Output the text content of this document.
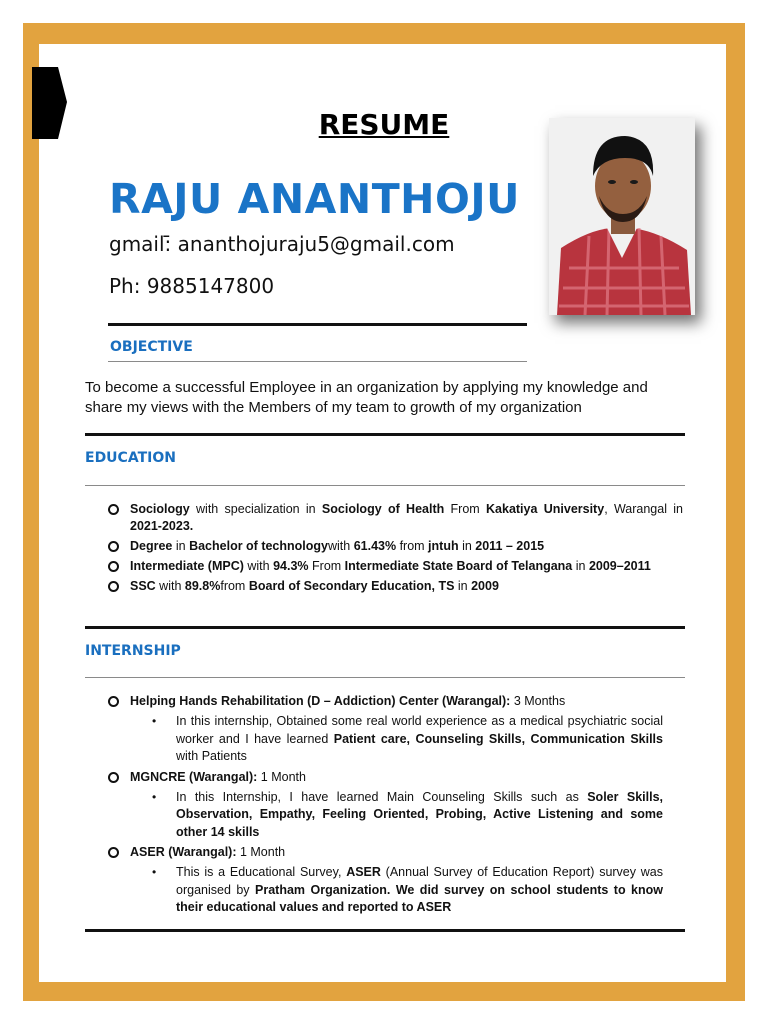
RESUME
RAJU ANANTHOJU
gmail:̄ ananthojuraju5@gmail.com
Ph: 9885147800
OBJECTIVE
To become a successful Employee in an organization by applying my knowledge and share my views with the Members of my team to growth of my organization
EDUCATION
Sociology with specialization in Sociology of Health From Kakatiya University, Warangal in 2021-2023.
Degree in Bachelor of technologywith 61.43% from jntuh in 2011 – 2015
Intermediate (MPC) with 94.3% From Intermediate State Board of Telangana in 2009–2011
SSC with 89.8%from Board of Secondary Education, TS in 2009
INTERNSHIP
Helping Hands Rehabilitation (D – Addiction) Center (Warangal): 3 Months
• In this internship, Obtained some real world experience as a medical psychiatric social worker and I have learned Patient care, Counseling Skills, Communication Skills with Patients
MGNCRE (Warangal): 1 Month
• In this Internship, I have learned Main Counseling Skills such as Soler Skills, Observation, Empathy, Feeling Oriented, Probing, Active Listening and some other 14 skills
ASER (Warangal): 1 Month
• This is a Educational Survey, ASER (Annual Survey of Education Report) survey was organised by Pratham Organization. We did survey on school students to know their educational values and reported to ASER
